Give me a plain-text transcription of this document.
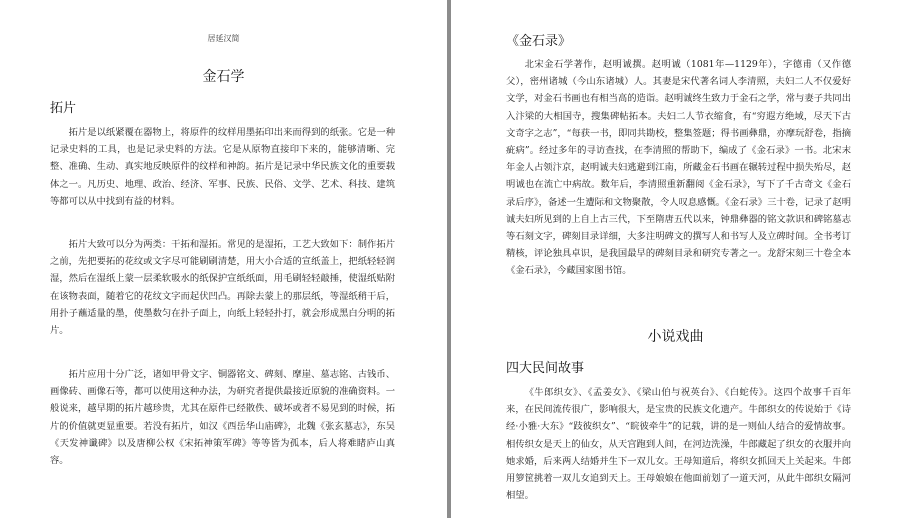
居延汉简
金石学
拓片

拓片是以纸紧覆在器物上，将原件的纹样用墨拓印出来而得到的纸张。它是一种记录史料的工具，也是记录史料的方法。它是从原物直接印下来的，能够清晰、完整、准确、生动、真实地反映原件的纹样和神韵。拓片是记录中华民族文化的重要载体之一。凡历史、地理、政治、经济、军事、民族、民俗、文学、艺术、科技、建筑等都可以从中找到有益的材料。

拓片大致可以分为两类：干拓和湿拓。常见的是湿拓，工艺大致如下：制作拓片之前，先把要拓的花纹或文字尽可能刷刷清楚，用大小合适的宣纸盖上，把纸轻轻润湿，然后在湿纸上蒙一层柔软吸水的纸保护宣纸纸面，用毛刷轻轻敲捶，使湿纸贴附在该物表面，随着它的花纹文字而起伏凹凸。再除去蒙上的那层纸，等湿纸稍干后，用扑子蘸适量的墨，使墨数匀在扑子面上，向纸上轻轻扑打，就会形成黑白分明的拓片。

拓片应用十分广泛，诸如甲骨文字、铜器铭文、碑刻、摩崖、墓志铭、古钱币、画像砖、画像石等，都可以使用这种办法，为研究者提供最接近原貌的准确资料。一般说来，越早期的拓片越珍贵，尤其在原件已经散佚、破坏或者不易见到的时候，拓片的价值就更显重要。若没有拓片，如汉《西岳华山庙碑》，北魏《张玄墓志》，东吴《天发神谶碑》以及唐柳公权《宋拓神策军碑》等等皆为孤本，后人将难睹庐山真容。

《金石录》

北宋金石学著作，赵明诚撰。赵明诚（1081年—1129年），字德甫（又作德父），密州诸城（今山东诸城）人。其妻是宋代著名词人李清照，夫妇二人不仅爱好文学，对金石书画也有相当高的造诣。赵明诚终生致力于金石之学，常与妻子共同出入汴梁的大相国寺，搜集碑帖拓本。夫妇二人节衣缩食，有“穷遐方绝域，尽天下古文奇字之志”，“每获一书，即同共勘校，整集签题；得书画彝鼎，亦摩玩舒卷，指摘疵病”。经过多年的寻访查找，在李清照的帮助下，编成了《金石录》一书。北宋末年金人占领汴京，赵明诚夫妇逃避到江南，所藏金石书画在辗转过程中损失殆尽，赵明诚也在流亡中病故。数年后，李清照重新翻阅《金石录》，写下了千古奇文《金石录后序》，备述一生遭际和文物聚散，令人叹息感慨。《金石录》三十卷，记录了赵明诚夫妇所见到的上自上古三代，下至隋唐五代以来，钟鼎彝器的铭文款识和碑铭墓志等石刻文字，碑刻目录详细，大多注明碑文的撰写人和书写人及立碑时间。全书考订精核，评论独具卓识，是我国最早的碑刻目录和研究专著之一。龙舒宋刻三十卷全本《金石录》，今藏国家图书馆。

小说戏曲
四大民间故事

《牛郎织女》、《孟姜女》、《梁山伯与祝英台》、《白蛇传》。这四个故事千百年来，在民间流传很广，影响很大，是宝贵的民族文化遗产。牛郎织女的传说始于《诗经·小雅·大东》“跂彼织女”、“睆彼牵牛”的记载，讲的是一则仙人结合的爱情故事。相传织女是天上的仙女，从天宫跑到人间，在河边洗澡，牛郎藏起了织女的衣服并向她求婚，后来两人结婚并生下一双儿女。王母知道后，将织女抓回天上关起来。牛郎用箩筐挑着一双儿女追到天上。王母娘娘在他面前划了一道天河，从此牛郎织女隔河相望。
